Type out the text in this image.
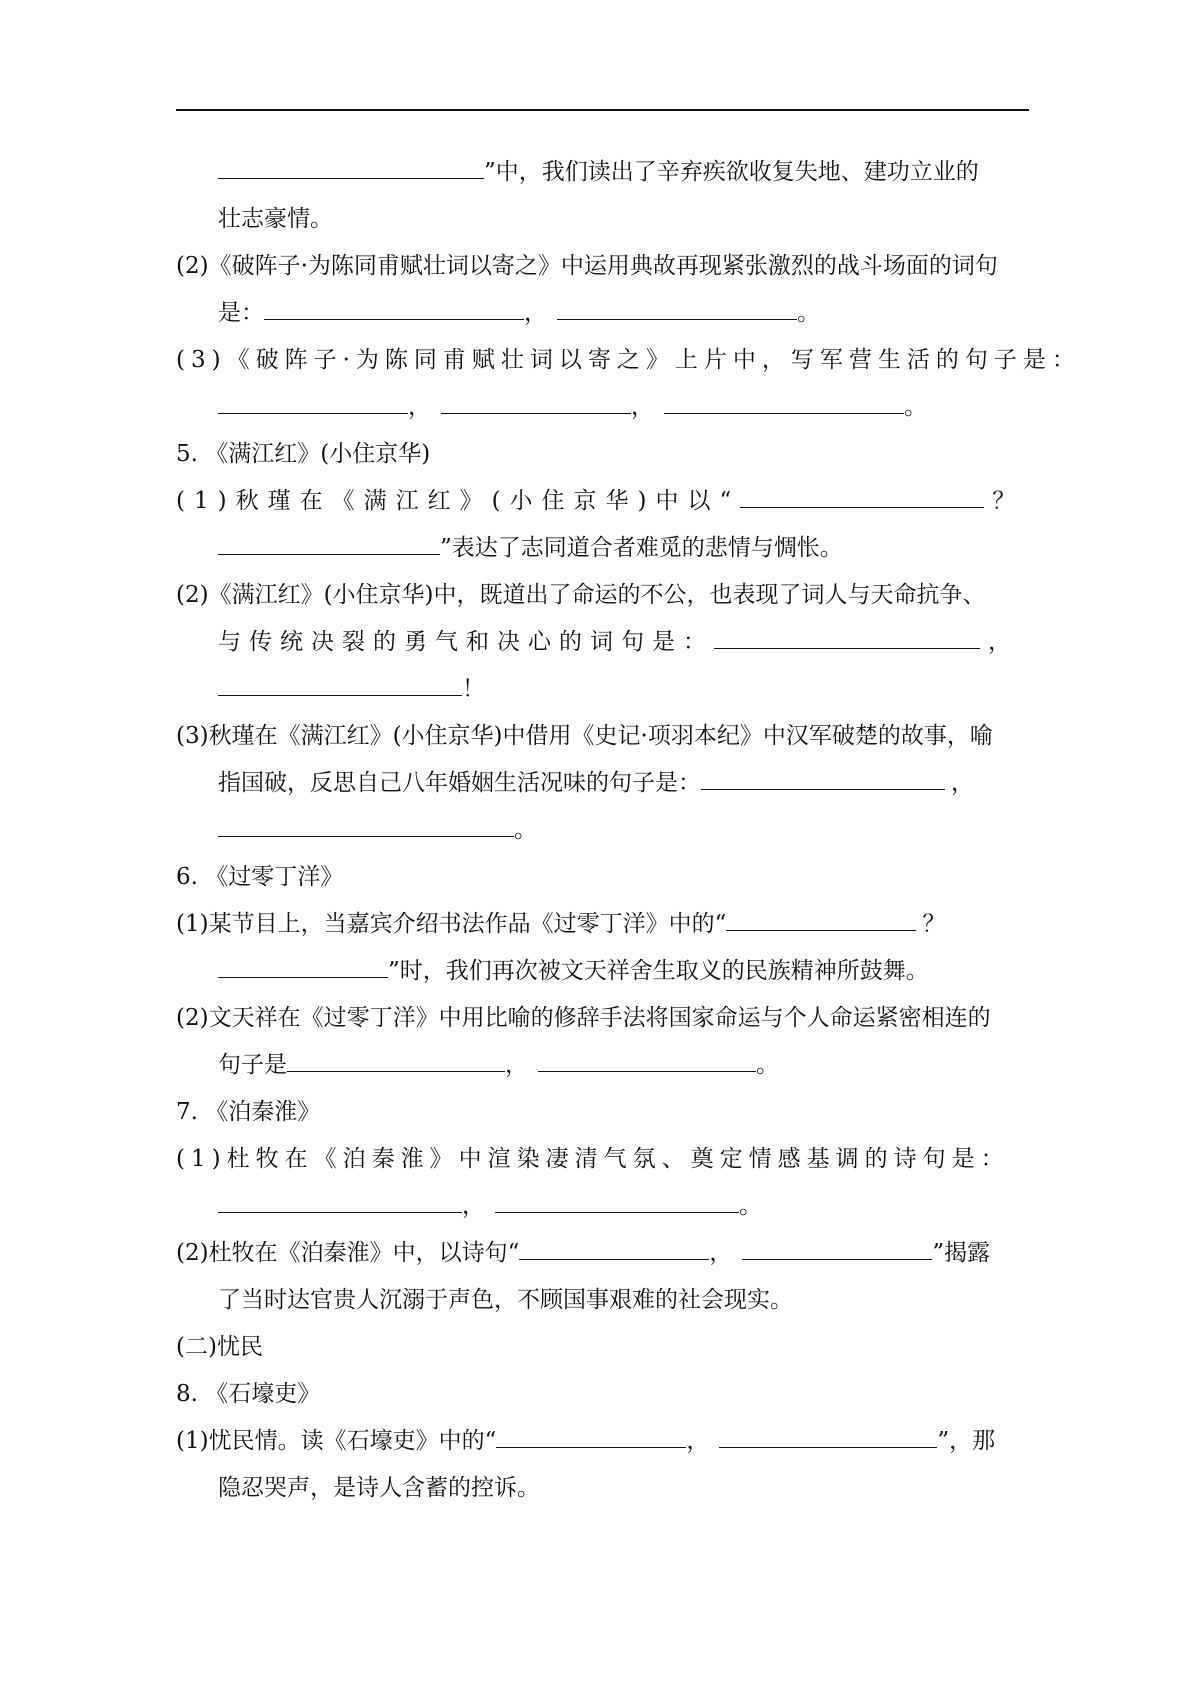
”中，我们读出了辛弃疾欲收复失地、建功立业的
壮志豪情。
(2)《破阵子·为陈同甫赋壮词以寄之》中运用典故再现紧张激烈的战斗场面的词句
是：	，	。
(3)《破阵子·为陈同甫赋壮词以寄之》上片中，写军营生活的句子是：
，	，	。
5. 《满江红》(小住京华)
(1)秋瑾在《满江红》(小住京华)中以“	？
”表达了志同道合者难觅的悲情与惆怅。
(2)《满江红》(小住京华)中，既道出了命运的不公，也表现了词人与天命抗争、
与传统决裂的勇气和决心的词句是：	，
！
(3)秋瑾在《满江红》(小住京华)中借用《史记·项羽本纪》中汉军破楚的故事，喻
指国破，反思自己八年婚姻生活况味的句子是：	，
。
6. 《过零丁洋》
(1)某节目上，当嘉宾介绍书法作品《过零丁洋》中的“	？
”时，我们再次被文天祥舍生取义的民族精神所鼓舞。
(2)文天祥在《过零丁洋》中用比喻的修辞手法将国家命运与个人命运紧密相连的
句子是	，	。
7. 《泊秦淮》
(1)杜牧在《泊秦淮》中渲染凄清气氛、奠定情感基调的诗句是：
，	。
(2)杜牧在《泊秦淮》中，以诗句“	，	”揭露
了当时达官贵人沉溺于声色，不顾国事艰难的社会现实。
(二)忧民
8. 《石壕吏》
(1)忧民情。读《石壕吏》中的“	，	”，那
隐忍哭声，是诗人含蓄的控诉。
